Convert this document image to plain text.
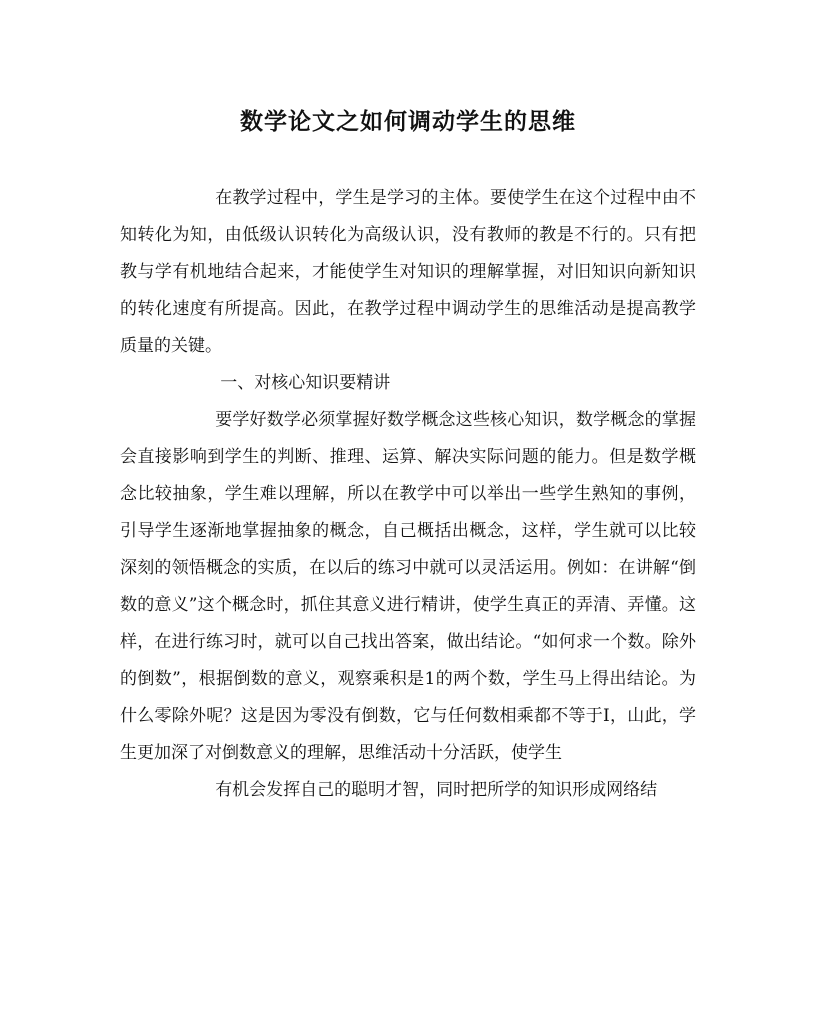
数学论文之如何调动学生的思维

在教学过程中，学生是学习的主体。要使学生在这个过程中由不知转化为知，由低级认识转化为高级认识，没有教师的教是不行的。只有把教与学有机地结合起来，才能使学生对知识的理解掌握，对旧知识向新知识的转化速度有所提高。因此，在教学过程中调动学生的思维活动是提高教学质量的关键。

一、对核心知识要精讲

要学好数学必须掌握好数学概念这些核心知识，数学概念的掌握会直接影响到学生的判断、推理、运算、解决实际问题的能力。但是数学概念比较抽象，学生难以理解，所以在教学中可以举出一些学生熟知的事例，引导学生逐渐地掌握抽象的概念，自己概括出概念，这样，学生就可以比较深刻的领悟概念的实质，在以后的练习中就可以灵活运用。例如：在讲解“倒数的意义”这个概念时，抓住其意义进行精讲，使学生真正的弄清、弄懂。这样，在进行练习时，就可以自己找出答案，做出结论。“如何求一个数。除外的倒数”，根据倒数的意义，观察乘积是1的两个数，学生马上得出结论。为什么零除外呢？这是因为零没有倒数，它与任何数相乘都不等于I，山此，学生更加深了对倒数意义的理解，思维活动十分活跃，使学生

有机会发挥自己的聪明才智，同时把所学的知识形成网络结
